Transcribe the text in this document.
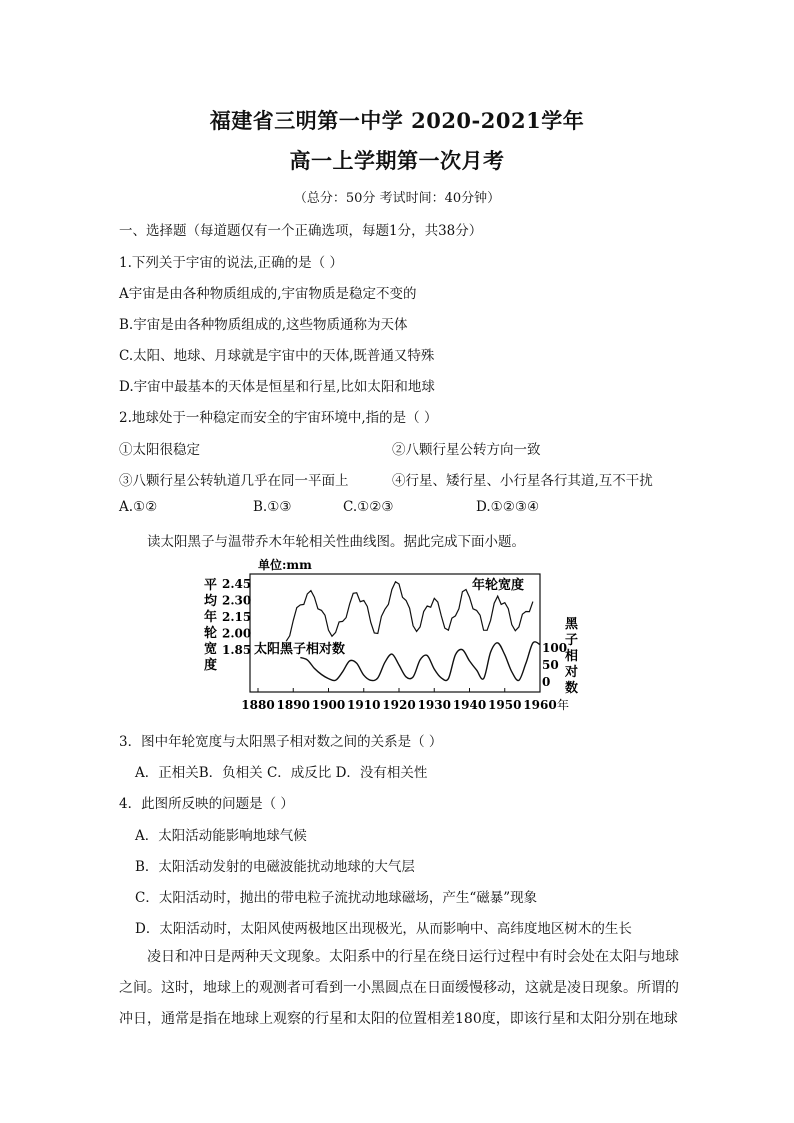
福建省三明第一中学 2020-2021学年
高一上学期第一次月考
（总分：50分 考试时间：40分钟）
一、选择题（每道题仅有一个正确选项，每题1分，共38分）
1.下列关于宇宙的说法,正确的是（ ）
A宇宙是由各种物质组成的,宇宙物质是稳定不变的
B.宇宙是由各种物质组成的,这些物质通称为天体
C.太阳、地球、月球就是宇宙中的天体,既普通又特殊
D.宇宙中最基本的天体是恒星和行星,比如太阳和地球
2.地球处于一种稳定而安全的宇宙环境中,指的是（ ）
①太阳很稳定	②八颗行星公转方向一致
③八颗行星公转轨道几乎在同一平面上	④行星、矮行星、小行星各行其道,互不干扰
A.①②	B.①③	C.①②③	D.①②③④
读太阳黑子与温带乔木年轮相关性曲线图。据此完成下面小题。
单位:mm
平
均
年
轮
宽
度
2.45
2.30
2.15
2.00
1.85
黑
子
相
对
数
100
50
0
1880 1890 1900 1910 1920 1930 1940 1950 1960 年
年轮宽度
太阳黑子相对数
3．图中年轮宽度与太阳黑子相对数之间的关系是（ ）
A．正相关B．负相关 C．成反比 D．没有相关性
4．此图所反映的问题是（ ）
A．太阳活动能影响地球气候
B．太阳活动发射的电磁波能扰动地球的大气层
C．太阳活动时，抛出的带电粒子流扰动地球磁场，产生“磁暴”现象
D．太阳活动时，太阳风使两极地区出现极光，从而影响中、高纬度地区树木的生长
凌日和冲日是两种天文现象。太阳系中的行星在绕日运行过程中有时会处在太阳与地球
之间。这时，地球上的观测者可看到一小黑圆点在日面缓慢移动，这就是凌日现象。所谓的
冲日，通常是指在地球上观察的行星和太阳的位置相差180度，即该行星和太阳分别在地球
